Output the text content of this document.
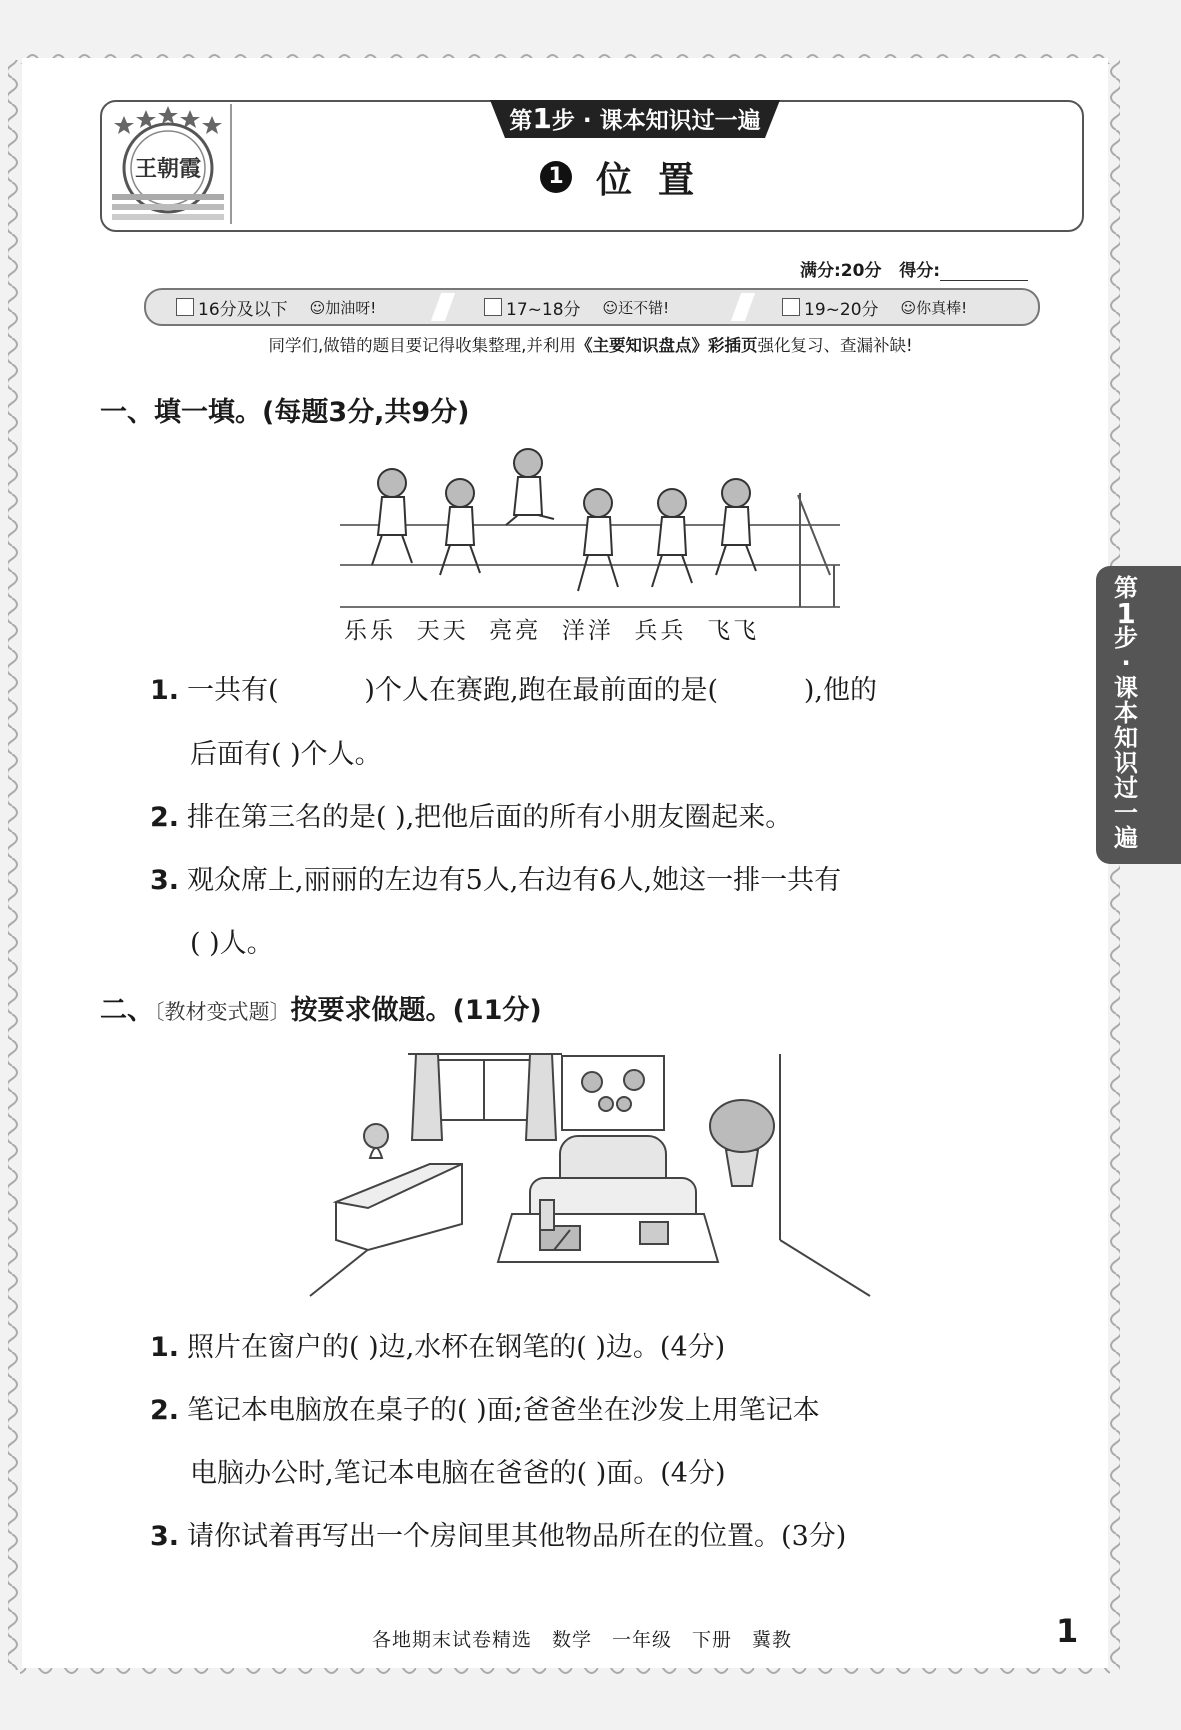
王朝霞
第1步 · 课本知识过一遍
1 位置
满分:20分 得分:
16分及以下 ☺加油呀!	17~18分 ☺还不错!	19~20分 ☺你真棒!
同学们,做错的题目要记得收集整理,并利用《主要知识盘点》彩插页强化复习、查漏补缺!
一、填一填。(每题3分,共9分)
乐乐 天天 亮亮 洋洋 兵兵 飞飞
1. 一共有(          )个人在赛跑,跑在最前面的是(          ),他的
后面有( )个人。
2. 排在第三名的是( ),把他后面的所有小朋友圈起来。
3. 观众席上,丽丽的左边有5人,右边有6人,她这一排一共有
( )人。
二、〔教材变式题〕按要求做题。(11分)
1. 照片在窗户的( )边,水杯在钢笔的( )边。(4分)
2. 笔记本电脑放在桌子的( )面;爸爸坐在沙发上用笔记本
电脑办公时,笔记本电脑在爸爸的( )面。(4分)
3. 请你试着再写出一个房间里其他物品所在的位置。(3分)
第
1
步
·
课
本
知
识
过
一
遍
各地期末试卷精选　数学　一年级　下册　冀教	1
